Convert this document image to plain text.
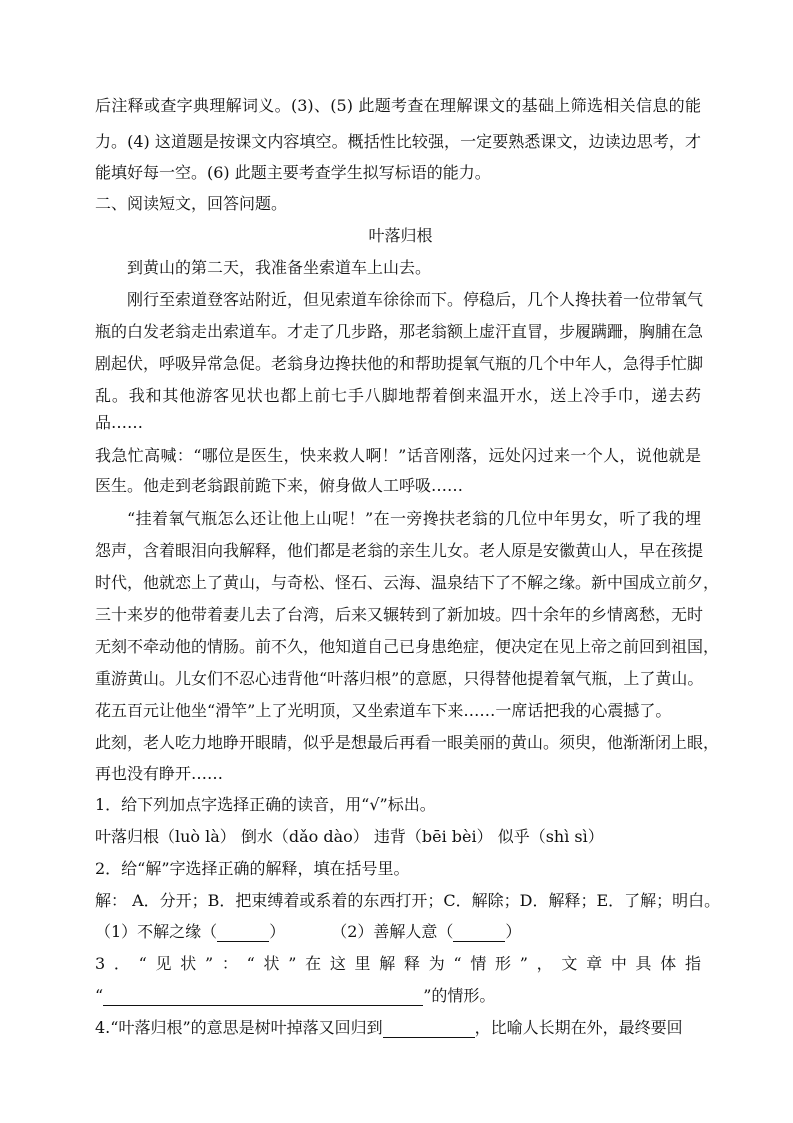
后注释或查字典理解词义。(3)、(5) 此题考查在理解课文的基础上筛选相关信息的能
力。(4) 这道题是按课文内容填空。概括性比较强，一定要熟悉课文，边读边思考，才
能填好每一空。(6) 此题主要考查学生拟写标语的能力。
二、阅读短文，回答问题。
叶落归根
到黄山的第二天，我准备坐索道车上山去。
刚行至索道登客站附近，但见索道车徐徐而下。停稳后，几个人搀扶着一位带氧气
瓶的白发老翁走出索道车。才走了几步路，那老翁额上虚汗直冒，步履蹒跚，胸脯在急
剧起伏，呼吸异常急促。老翁身边搀扶他的和帮助提氧气瓶的几个中年人，急得手忙脚
乱。我和其他游客见状也都上前七手八脚地帮着倒来温开水，送上冷手巾，递去药
品……
我急忙高喊：“哪位是医生，快来救人啊！”话音刚落，远处闪过来一个人，说他就是
医生。他走到老翁跟前跪下来，俯身做人工呼吸……
“挂着氧气瓶怎么还让他上山呢！”在一旁搀扶老翁的几位中年男女，听了我的埋
怨声，含着眼泪向我解释，他们都是老翁的亲生儿女。老人原是安徽黄山人，早在孩提
时代，他就恋上了黄山，与奇松、怪石、云海、温泉结下了不解之缘。新中国成立前夕，
三十来岁的他带着妻儿去了台湾，后来又辗转到了新加坡。四十余年的乡情离愁，无时
无刻不牵动他的情肠。前不久，他知道自己已身患绝症，便决定在见上帝之前回到祖国，
重游黄山。儿女们不忍心违背他“叶落归根”的意愿，只得替他提着氧气瓶，上了黄山。
花五百元让他坐“滑竿”上了光明顶，又坐索道车下来……一席话把我的心震撼了。
此刻，老人吃力地睁开眼睛，似乎是想最后再看一眼美丽的黄山。须臾，他渐渐闭上眼，
再也没有睁开……
1．给下列加点字选择正确的读音，用“√”标出。
叶落归根（luò là） 倒水（dǎo dào） 违背（bēi bèi） 似乎（shì sì）
2．给“解”字选择正确的解释，填在括号里。
解： A．分开；B．把束缚着或系着的东西打开；C．解除；D．解释；E．了解；明白。
（1）不解之缘（	）	（2）善解人意（	）
3．“见状”：“状”在这里解释为“情形”，文章中具体指
“	”的情形。
4.“叶落归根”的意思是树叶掉落又回归到	，比喻人长期在外，最终要回
